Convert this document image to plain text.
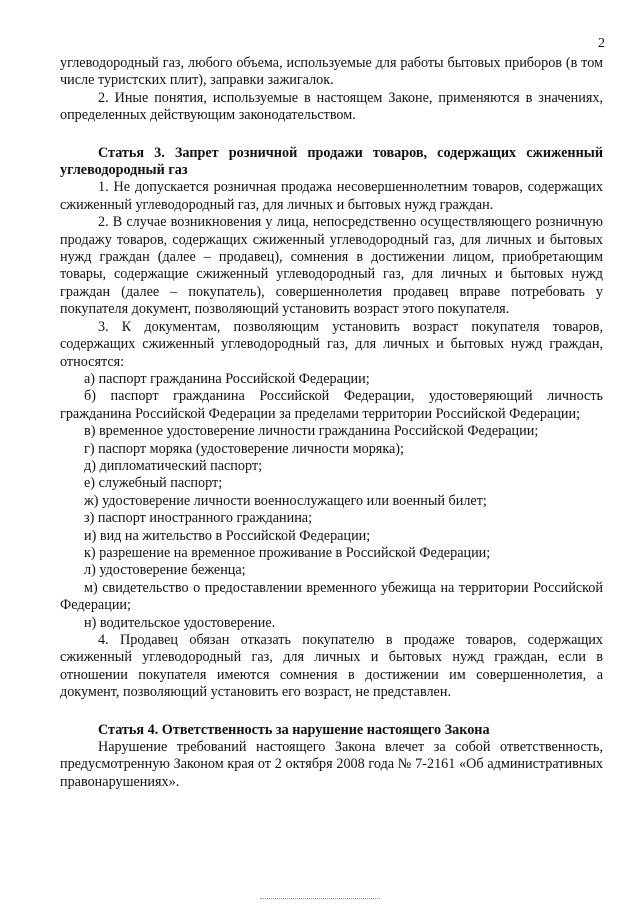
2

углеводородный газ, любого объема, используемые для работы бытовых приборов (в том числе туристских плит), заправки зажигалок.

2. Иные понятия, используемые в настоящем Законе, применяются в значениях, определенных действующим законодательством.

Статья 3. Запрет розничной продажи товаров, содержащих сжиженный углеводородный газ

1. Не допускается розничная продажа несовершеннолетним товаров, содержащих сжиженный углеводородный газ, для личных и бытовых нужд граждан.

2. В случае возникновения у лица, непосредственно осуществляющего розничную продажу товаров, содержащих сжиженный углеводородный газ, для личных и бытовых нужд граждан (далее – продавец), сомнения в достижении лицом, приобретающим товары, содержащие сжиженный углеводородный газ, для личных и бытовых нужд граждан (далее – покупатель), совершеннолетия продавец вправе потребовать у покупателя документ, позволяющий установить возраст этого покупателя.

3. К документам, позволяющим установить возраст покупателя товаров, содержащих сжиженный углеводородный газ, для личных и бытовых нужд граждан, относятся:

а) паспорт гражданина Российской Федерации;

б) паспорт гражданина Российской Федерации, удостоверяющий личность гражданина Российской Федерации за пределами территории Российской Федерации;

в) временное удостоверение личности гражданина Российской Федерации;

г) паспорт моряка (удостоверение личности моряка);

д) дипломатический паспорт;

е) служебный паспорт;

ж) удостоверение личности военнослужащего или военный билет;

з) паспорт иностранного гражданина;

и) вид на жительство в Российской Федерации;

к) разрешение на временное проживание в Российской Федерации;

л) удостоверение беженца;

м) свидетельство о предоставлении временного убежища на территории Российской Федерации;

н) водительское удостоверение.

4. Продавец обязан отказать покупателю в продаже товаров, содержащих сжиженный углеводородный газ, для личных и бытовых нужд граждан, если в отношении покупателя имеются сомнения в достижении им совершеннолетия, а документ, позволяющий установить его возраст, не представлен.

Статья 4. Ответственность за нарушение настоящего Закона

Нарушение требований настоящего Закона влечет за собой ответственность, предусмотренную Законом края от 2 октября 2008 года № 7-2161 «Об административных правонарушениях».
